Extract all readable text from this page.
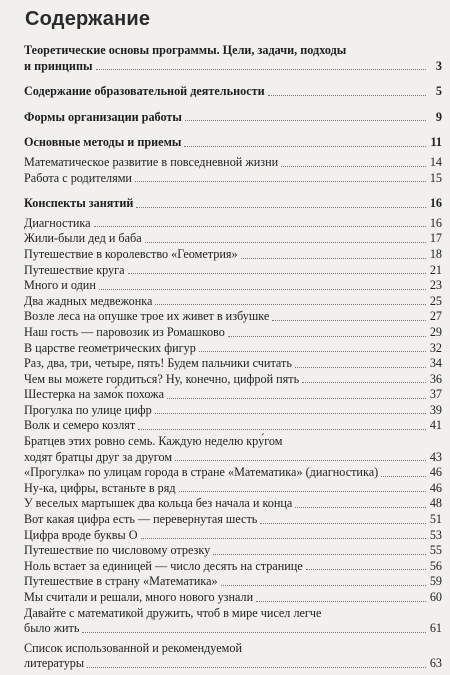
Содержание
Теоретические основы программы. Цели, задачи, подходы
и принципы	3
Содержание образовательной деятельности	5
Формы организации работы	9
Основные методы и приемы	11
Математическое развитие в повседневной жизни	14
Работа с родителями	15
Конспекты занятий	16
Диагностика	16
Жили-были дед и баба	17
Путешествие в королевство «Геометрия»	18
Путешествие круга	21
Много и один	23
Два жадных медвежонка	25
Возле леса на опушке трое их живет в избушке	27
Наш гость — паровозик из Ромашково	29
В царстве геометрических фигур	32
Раз, два, три, четыре, пять! Будем пальчики считать	34
Чем вы можете гордиться? Ну, конечно, цифрой пять	36
Шестерка на замо́к похожа	37
Прогулка по улице цифр	39
Волк и семеро козлят	41
Братцев этих ровно семь. Каждую неделю кру́гом
ходят братцы друг за другом	43
«Прогулка» по улицам города в стране «Математика» (диагностика)	46
Ну-ка, цифры, встаньте в ряд	46
У веселых мартышек два кольца без начала и конца	48
Вот какая цифра есть — перевернутая шесть	51
Цифра вроде буквы О	53
Путешествие по числовому отрезку	55
Ноль встает за единицей — число десять на странице	56
Путешествие в страну «Математика»	59
Мы считали и решали, много нового узнали	60
Давайте с математикой дружить, чтоб в мире чисел легче
было жить	61
Список использованной и рекомендуемой
литературы	63
